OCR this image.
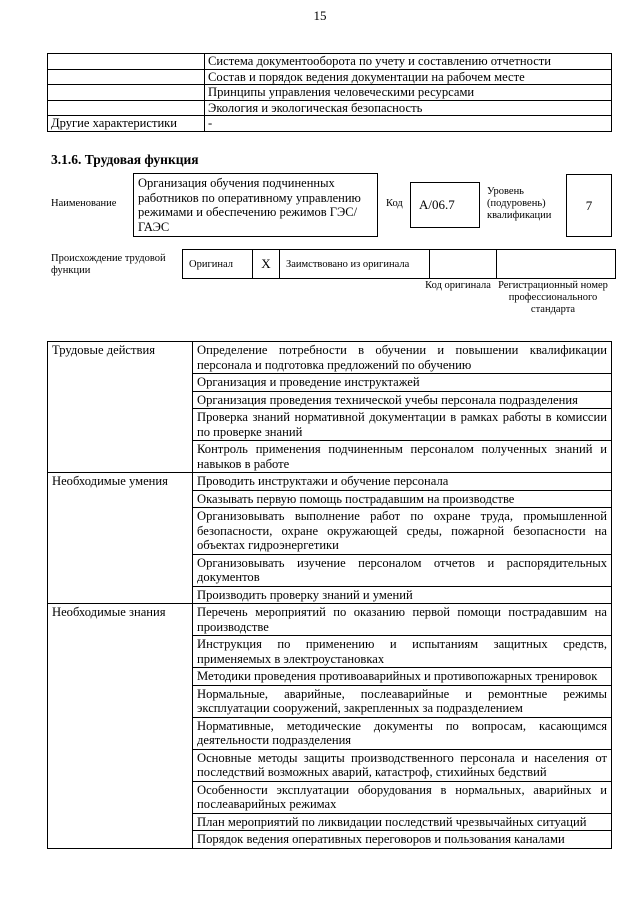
15
	Система документооборота по учету и составлению отчетности
	Состав и порядок ведения документации на рабочем месте
	Принципы управления человеческими ресурсами
	Экология и экологическая безопасность
Другие характеристики	-
3.1.6. Трудовая функция
Наименование
Организация обучения подчиненных работников по оперативному управлению режимами и обеспечению режимов ГЭС/ГАЭС
Код	A/06.7
Уровень (подуровень) квалификации
7
Происхождение трудовой функции
Оригинал	X	Заимствовано из оригинала		
Код оригинала Регистрационный номер профессионального стандарта
Трудовые действия	Определение потребности в обучении и повышении квалификации персонала и подготовка предложений по обучению
	Организация и проведение инструктажей
	Организация проведения технической учебы персонала подразделения
	Проверка знаний нормативной документации в рамках работы в комиссии по проверке знаний
	Контроль применения подчиненным персоналом полученных знаний и навыков в работе
Необходимые умения	Проводить инструктажи и обучение персонала
	Оказывать первую помощь пострадавшим на производстве
	Организовывать выполнение работ по охране труда, промышленной безопасности, охране окружающей среды, пожарной безопасности на объектах гидроэнергетики
	Организовывать изучение персоналом отчетов и распорядительных документов
	Производить проверку знаний и умений
Необходимые знания	Перечень мероприятий по оказанию первой помощи пострадавшим на производстве
	Инструкция по применению и испытаниям защитных средств, применяемых в электроустановках
	Методики проведения противоаварийных и противопожарных тренировок
	Нормальные, аварийные, послеаварийные и ремонтные режимы эксплуатации сооружений, закрепленных за подразделением
	Нормативные, методические документы по вопросам, касающимся деятельности подразделения
	Основные методы защиты производственного персонала и населения от последствий возможных аварий, катастроф, стихийных бедствий
	Особенности эксплуатации оборудования в нормальных, аварийных и послеаварийных режимах
	План мероприятий по ликвидации последствий чрезвычайных ситуаций
	Порядок ведения оперативных переговоров и пользования каналами
